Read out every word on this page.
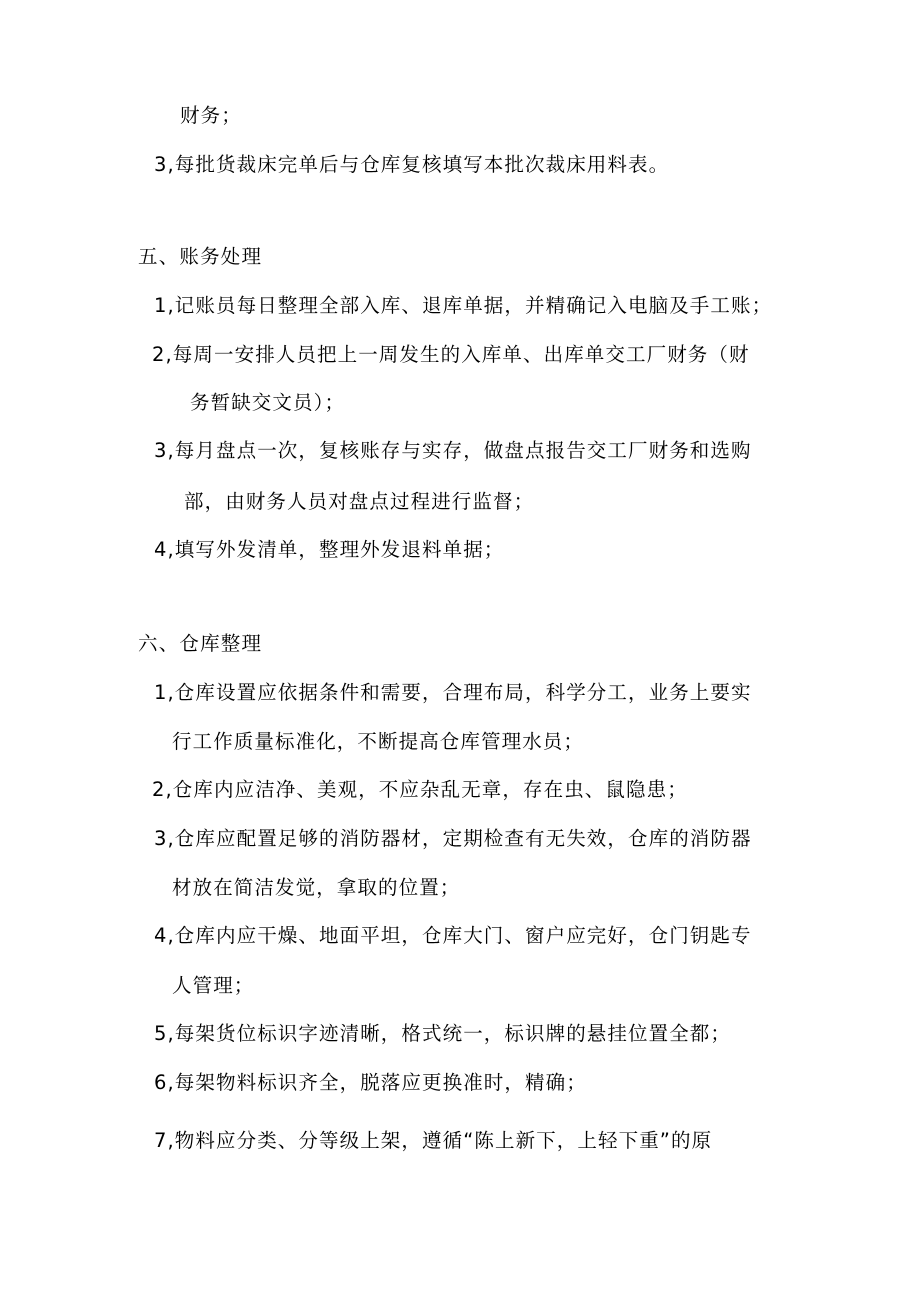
财务；
3,每批货裁床完单后与仓库复核填写本批次裁床用料表。
五、账务处理
1,记账员每日整理全部入库、退库单据，并精确记入电脑及手工账；
2,每周一安排人员把上一周发生的入库单、出库单交工厂财务（财
务暂缺交文员）；
3,每月盘点一次，复核账存与实存，做盘点报告交工厂财务和选购
部，由财务人员对盘点过程进行监督；
4,填写外发清单，整理外发退料单据；
六、仓库整理
1,仓库设置应依据条件和需要，合理布局，科学分工，业务上要实
行工作质量标准化，不断提高仓库管理水员；
2,仓库内应洁净、美观，不应杂乱无章，存在虫、鼠隐患；
3,仓库应配置足够的消防器材，定期检查有无失效，仓库的消防器
材放在简洁发觉，拿取的位置；
4,仓库内应干燥、地面平坦，仓库大门、窗户应完好，仓门钥匙专
人管理；
5,每架货位标识字迹清晰，格式统一，标识牌的悬挂位置全都；
6,每架物料标识齐全，脱落应更换准时，精确；
7,物料应分类、分等级上架，遵循“陈上新下，上轻下重”的原
